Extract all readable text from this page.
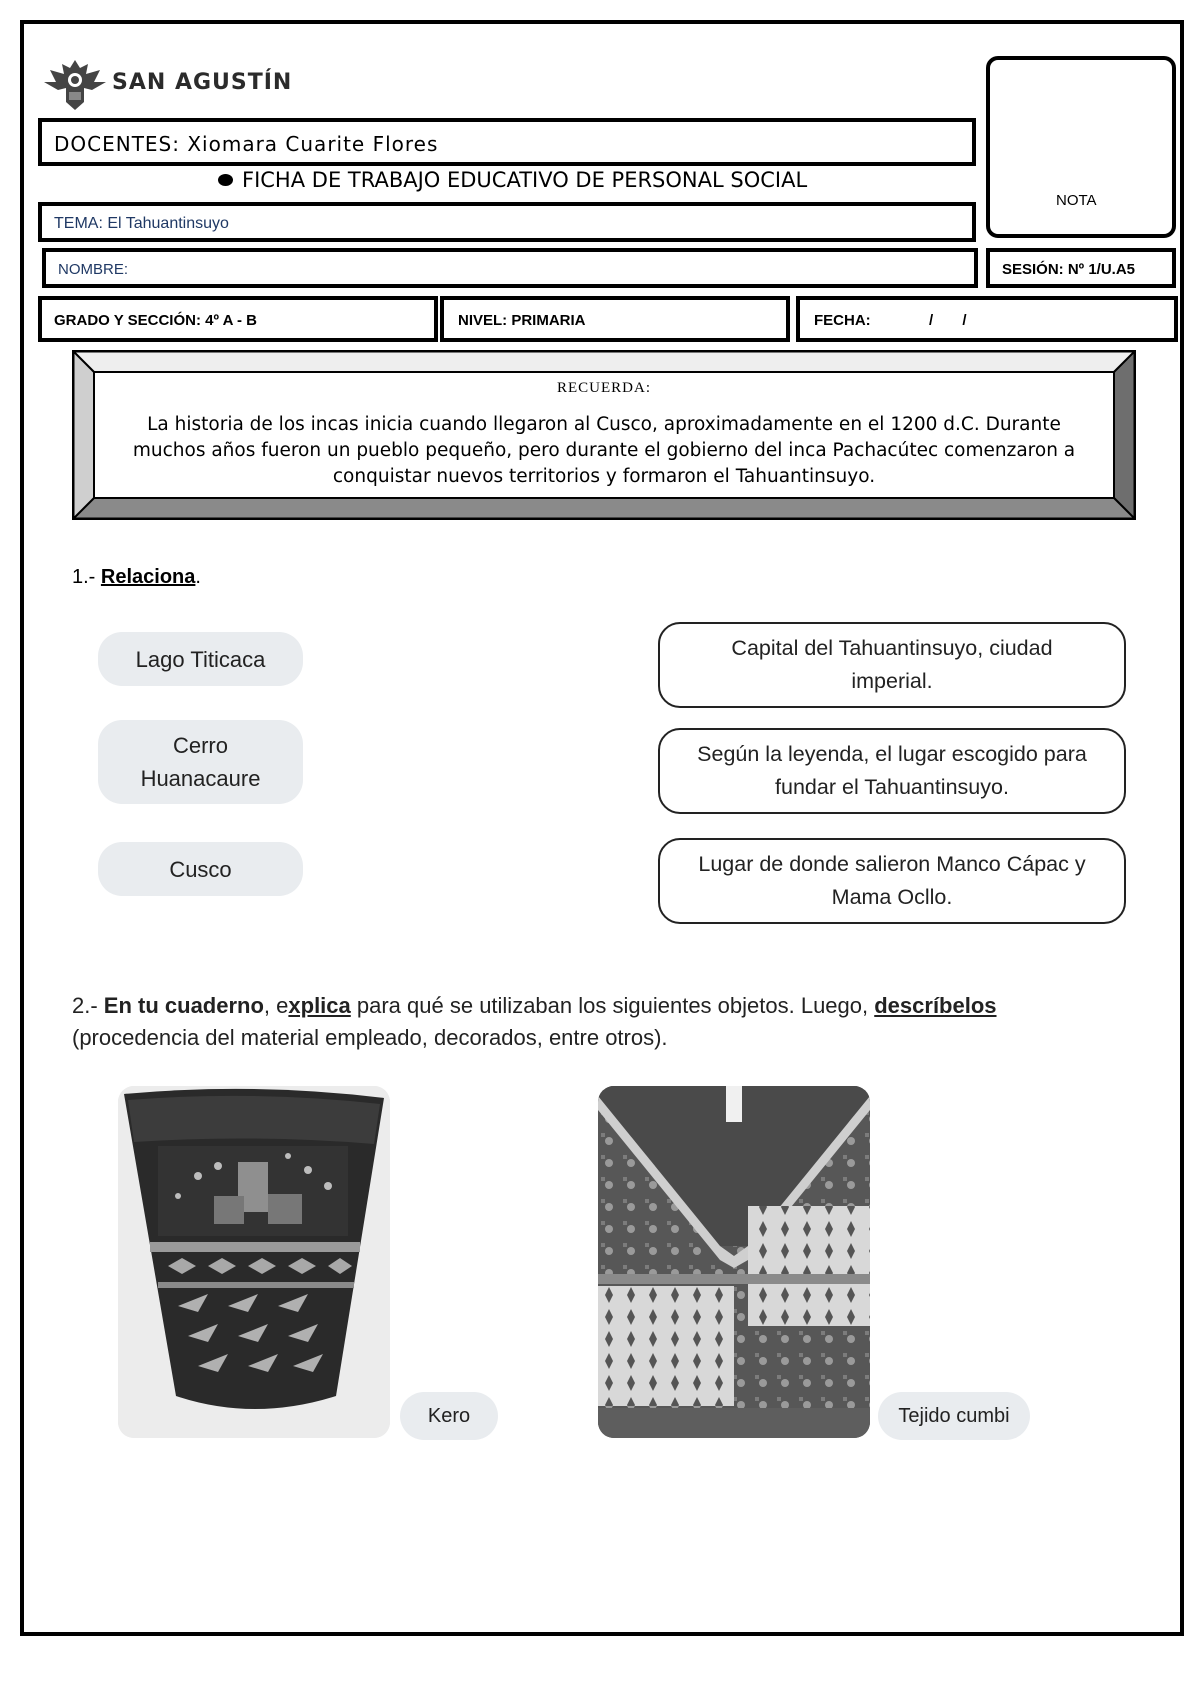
SAN AGUSTÍN
DOCENTES: Xiomara Cuarite Flores
FICHA DE TRABAJO EDUCATIVO DE PERSONAL SOCIAL
TEMA: El Tahuantinsuyo
NOTA
NOMBRE:	SESIÓN: Nº 1/U.A5
GRADO Y SECCIÓN: 4º A - B	NIVEL: PRIMARIA	FECHA:              /       /
RECUERDA:
La historia de los incas inicia cuando llegaron al Cusco, aproximadamente en el 1200 d.C. Durante muchos años fueron un pueblo pequeño, pero durante el gobierno del inca Pachacútec comenzaron a conquistar nuevos territorios y formaron el Tahuantinsuyo.
1.- Relaciona.
Lago Titicaca
Cerro Huanacaure
Cusco
Capital del Tahuantinsuyo, ciudad imperial.
Según la leyenda, el lugar escogido para fundar el Tahuantinsuyo.
Lugar de donde salieron Manco Cápac y Mama Ocllo.
2.- En tu cuaderno, explica para qué se utilizaban los siguientes objetos. Luego, descríbelos (procedencia del material empleado, decorados, entre otros).
Kero	Tejido cumbi
